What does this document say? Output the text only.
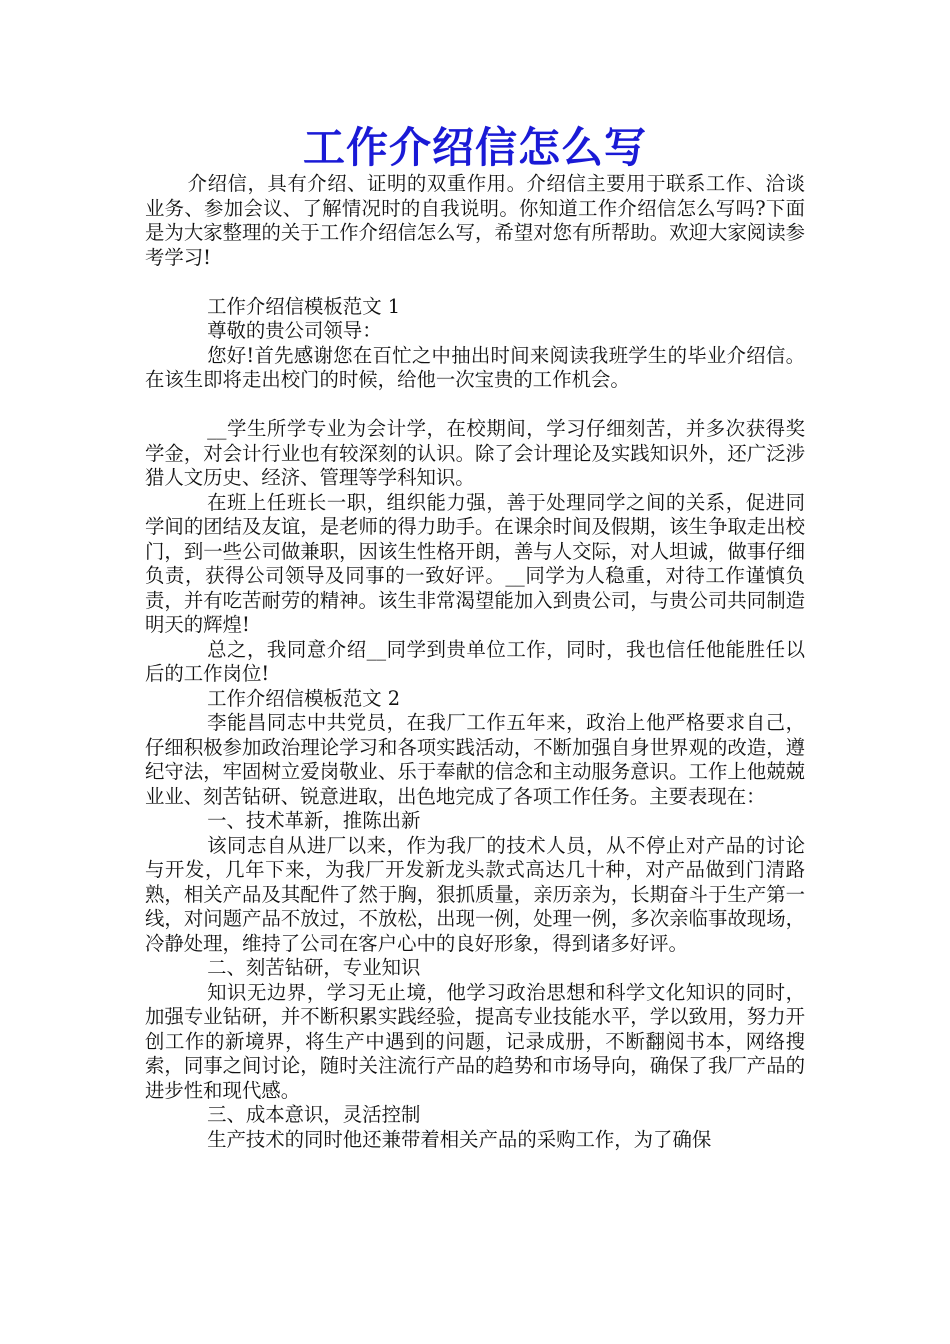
工作介绍信怎么写

介绍信，具有介绍、证明的双重作用。介绍信主要用于联系工作、洽谈业务、参加会议、了解情况时的自我说明。你知道工作介绍信怎么写吗?下面是为大家整理的关于工作介绍信怎么写，希望对您有所帮助。欢迎大家阅读参考学习!

工作介绍信模板范文 1

尊敬的贵公司领导：

您好!首先感谢您在百忙之中抽出时间来阅读我班学生的毕业介绍信。在该生即将走出校门的时候，给他一次宝贵的工作机会。

__学生所学专业为会计学，在校期间，学习仔细刻苦，并多次获得奖学金，对会计行业也有较深刻的认识。除了会计理论及实践知识外，还广泛涉猎人文历史、经济、管理等学科知识。

在班上任班长一职，组织能力强，善于处理同学之间的关系，促进同学间的团结及友谊，是老师的得力助手。在课余时间及假期，该生争取走出校门，到一些公司做兼职，因该生性格开朗，善与人交际，对人坦诚，做事仔细负责，获得公司领导及同事的一致好评。__同学为人稳重，对待工作谨慎负责，并有吃苦耐劳的精神。该生非常渴望能加入到贵公司，与贵公司共同制造明天的辉煌!

总之，我同意介绍__同学到贵单位工作，同时，我也信任他能胜任以后的工作岗位!

工作介绍信模板范文 2

李能昌同志中共党员，在我厂工作五年来，政治上他严格要求自己，仔细积极参加政治理论学习和各项实践活动，不断加强自身世界观的改造，遵纪守法，牢固树立爱岗敬业、乐于奉献的信念和主动服务意识。工作上他兢兢业业、刻苦钻研、锐意进取，出色地完成了各项工作任务。主要表现在：

一、技术革新，推陈出新

该同志自从进厂以来，作为我厂的技术人员，从不停止对产品的讨论与开发，几年下来，为我厂开发新龙头款式高达几十种，对产品做到门清路熟，相关产品及其配件了然于胸，狠抓质量，亲历亲为，长期奋斗于生产第一线，对问题产品不放过，不放松，出现一例，处理一例，多次亲临事故现场，冷静处理，维持了公司在客户心中的良好形象，得到诸多好评。

二、刻苦钻研，专业知识

知识无边界，学习无止境，他学习政治思想和科学文化知识的同时，加强专业钻研，并不断积累实践经验，提高专业技能水平，学以致用，努力开创工作的新境界，将生产中遇到的问题，记录成册，不断翻阅书本，网络搜索，同事之间讨论，随时关注流行产品的趋势和市场导向，确保了我厂产品的进步性和现代感。

三、成本意识，灵活控制

生产技术的同时他还兼带着相关产品的采购工作，为了确保
